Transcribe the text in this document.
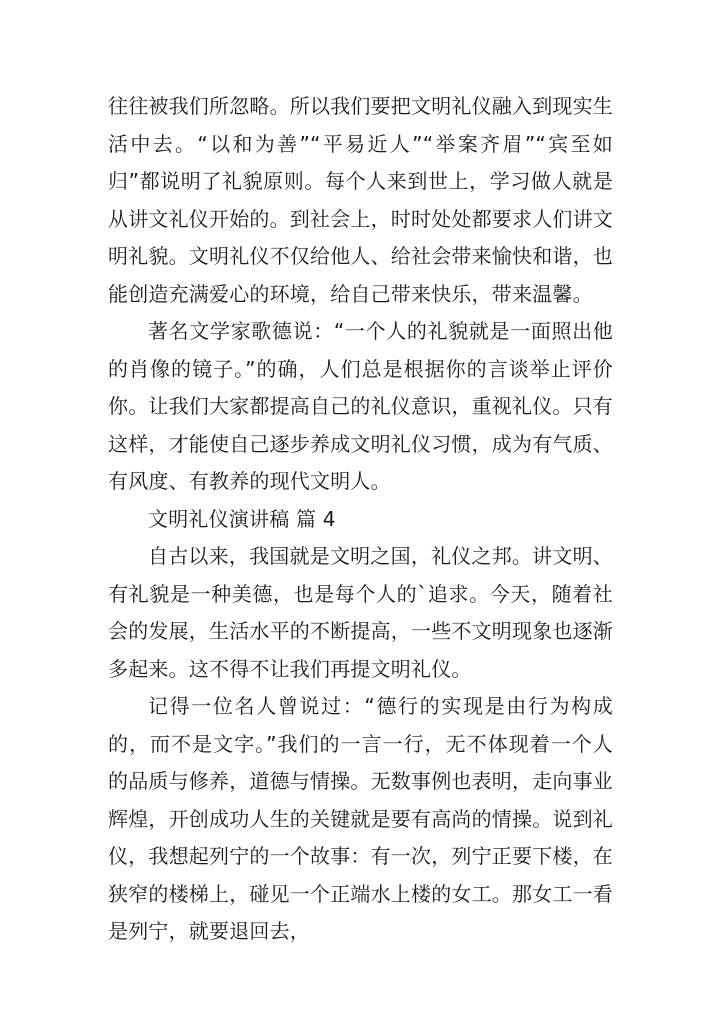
往往被我们所忽略。所以我们要把文明礼仪融入到现实生活中去。“以和为善”“平易近人”“举案齐眉”“宾至如归”都说明了礼貌原则。每个人来到世上，学习做人就是从讲文礼仪开始的。到社会上，时时处处都要求人们讲文明礼貌。文明礼仪不仅给他人、给社会带来愉快和谐，也能创造充满爱心的环境，给自己带来快乐，带来温馨。

著名文学家歌德说：“一个人的礼貌就是一面照出他的肖像的镜子。”的确，人们总是根据你的言谈举止评价你。让我们大家都提高自己的礼仪意识，重视礼仪。只有这样，才能使自己逐步养成文明礼仪习惯，成为有气质、有风度、有教养的现代文明人。

文明礼仪演讲稿 篇 4

自古以来，我国就是文明之国，礼仪之邦。讲文明、有礼貌是一种美德，也是每个人的`追求。今天，随着社会的发展，生活水平的不断提高，一些不文明现象也逐渐多起来。这不得不让我们再提文明礼仪。

记得一位名人曾说过：“德行的实现是由行为构成的，而不是文字。”我们的一言一行，无不体现着一个人的品质与修养，道德与情操。无数事例也表明，走向事业辉煌，开创成功人生的关键就是要有高尚的情操。说到礼仪，我想起列宁的一个故事：有一次，列宁正要下楼，在狭窄的楼梯上，碰见一个正端水上楼的女工。那女工一看是列宁，就要退回去，
